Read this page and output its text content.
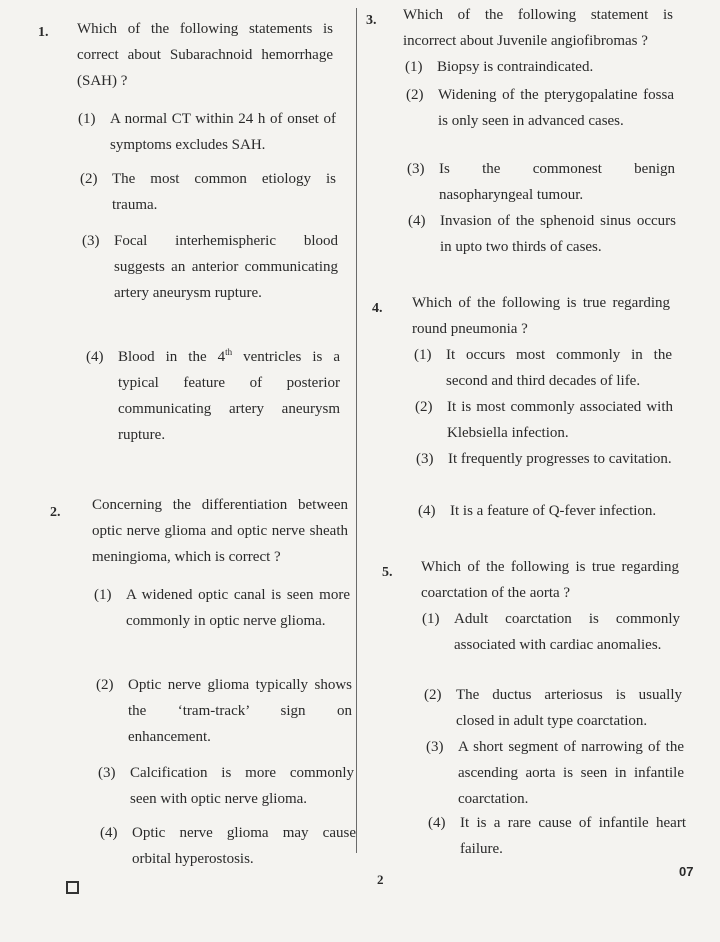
1. Which of the following statements is correct about Subarachnoid hemorrhage (SAH) ?
(1) A normal CT within 24 h of onset of symptoms excludes SAH.
(2) The most common etiology is trauma.
(3) Focal interhemispheric blood suggests an anterior communicating artery aneurysm rupture.
(4) Blood in the 4th ventricles is a typical feature of posterior communicating artery aneurysm rupture.
2. Concerning the differentiation between optic nerve glioma and optic nerve sheath meningioma, which is correct ?
(1) A widened optic canal is seen more commonly in optic nerve glioma.
(2) Optic nerve glioma typically shows the ‘tram-track’ sign on enhancement.
(3) Calcification is more commonly seen with optic nerve glioma.
(4) Optic nerve glioma may cause orbital hyperostosis.
3. Which of the following statement is incorrect about Juvenile angiofibromas ?
(1) Biopsy is contraindicated.
(2) Widening of the pterygopalatine fossa is only seen in advanced cases.
(3) Is the commonest benign nasopharyngeal tumour.
(4) Invasion of the sphenoid sinus occurs in upto two thirds of cases.
4. Which of the following is true regarding round pneumonia ?
(1) It occurs most commonly in the second and third decades of life.
(2) It is most commonly associated with Klebsiella infection.
(3) It frequently progresses to cavitation.
(4) It is a feature of Q-fever infection.
5. Which of the following is true regarding coarctation of the aorta ?
(1) Adult coarctation is commonly associated with cardiac anomalies.
(2) The ductus arteriosus is usually closed in adult type coarctation.
(3) A short segment of narrowing of the ascending aorta is seen in infantile coarctation.
(4) It is a rare cause of infantile heart failure.
2
07
